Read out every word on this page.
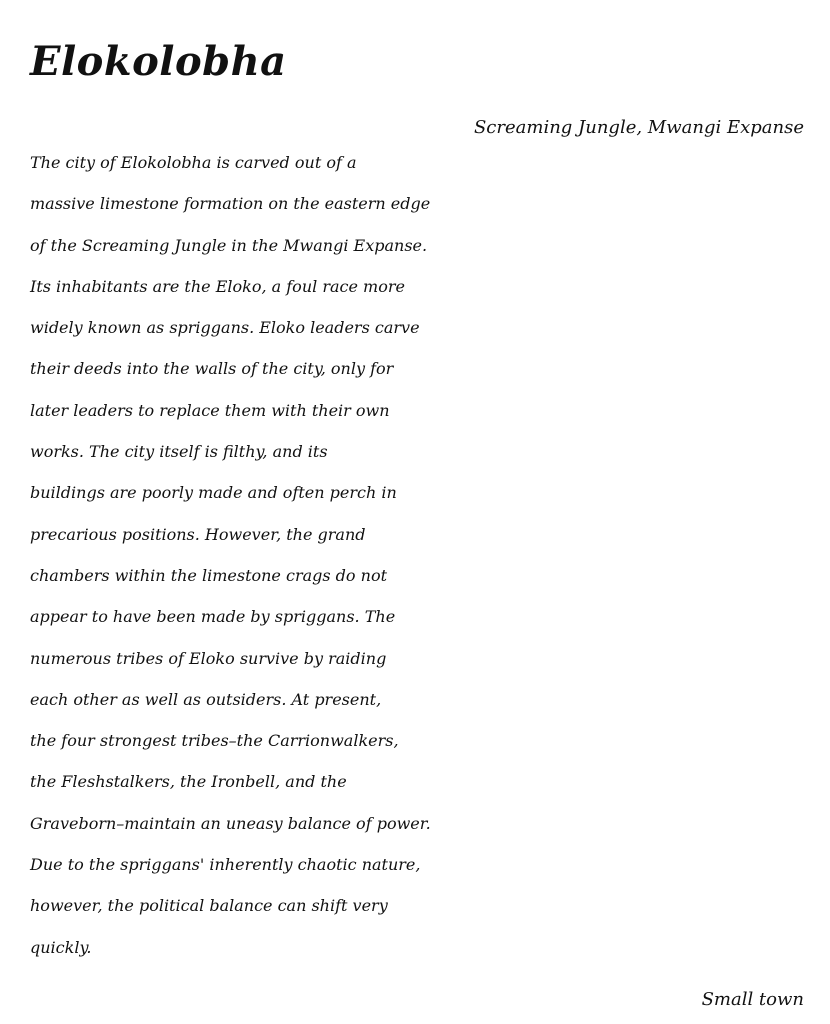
Elokolobha
Screaming Jungle, Mwangi Expanse

The city of Elokolobha is carved out of a
massive limestone formation on the eastern edge
of the Screaming Jungle in the Mwangi Expanse.
Its inhabitants are the Eloko, a foul race more
widely known as spriggans. Eloko leaders carve
their deeds into the walls of the city, only for
later leaders to replace them with their own
works. The city itself is filthy, and its
buildings are poorly made and often perch in
precarious positions. However, the grand
chambers within the limestone crags do not
appear to have been made by spriggans. The
numerous tribes of Eloko survive by raiding
each other as well as outsiders. At present,
the four strongest tribes–the Carrionwalkers,
the Fleshstalkers, the Ironbell, and the
Graveborn–maintain an uneasy balance of power.
Due to the spriggans' inherently chaotic nature,
however, the political balance can shift very
quickly.

Small town
